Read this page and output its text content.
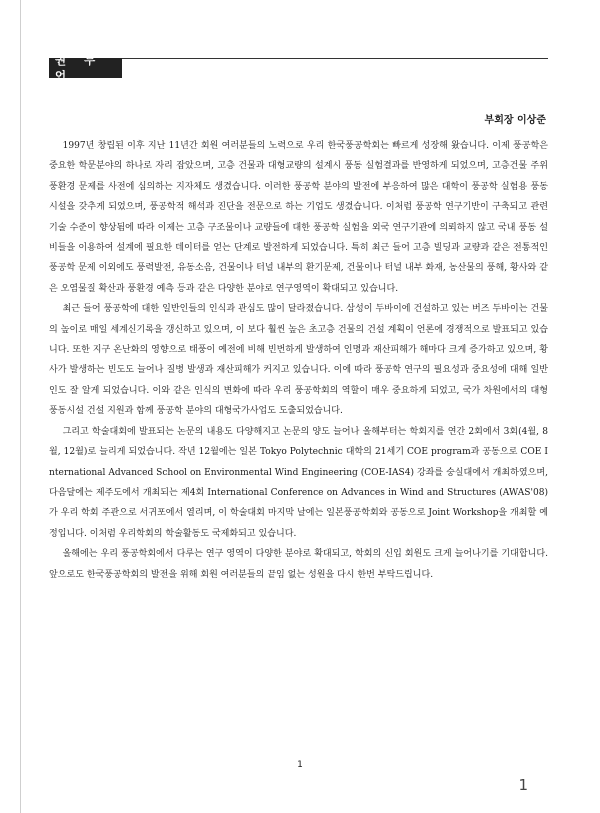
권 두 언
부회장 이상준

1997년 창립된 이후 지난 11년간 회원 여러분들의 노력으로 우리 한국풍공학회는 빠르게 성장해 왔습니다. 이제 풍공학은 중요한 학문분야의 하나로 자리 잡았으며, 고층 건물과 대형교량의 설계시 풍동 실험결과를 반영하게 되었으며, 고층건물 주위 풍환경 문제를 사전에 심의하는 지자체도 생겼습니다. 이러한 풍공학 분야의 발전에 부응하여 많은 대학이 풍공학 실험용 풍동시설을 갖추게 되었으며, 풍공학적 해석과 진단을 전문으로 하는 기업도 생겼습니다. 이처럼 풍공학 연구기반이 구축되고 관련 기술 수준이 향상됨에 따라 이제는 고층 구조물이나 교량들에 대한 풍공학 실험을 외국 연구기관에 의뢰하지 않고 국내 풍동 설비들을 이용하여 설계에 필요한 데이터를 얻는 단계로 발전하게 되었습니다. 특히 최근 들어 고층 빌딩과 교량과 같은 전통적인 풍공학 문제 이외에도 풍력발전, 유동소음, 건물이나 터널 내부의 환기문제, 건물이나 터널 내부 화재, 농산물의 풍해, 황사와 같은 오염물질 확산과 풍환경 예측 등과 같은 다양한 분야로 연구영역이 확대되고 있습니다.

최근 들어 풍공학에 대한 일반인들의 인식과 관심도 많이 달라졌습니다. 삼성이 두바이에 건설하고 있는 버즈 두바이는 건물의 높이로 매일 세계신기록을 갱신하고 있으며, 이 보다 훨씬 높은 초고층 건물의 건설 계획이 언론에 경쟁적으로 발표되고 있습니다. 또한 지구 온난화의 영향으로 태풍이 예전에 비해 빈번하게 발생하여 인명과 재산피해가 해마다 크게 증가하고 있으며, 황사가 발생하는 빈도도 늘어나 질병 발생과 재산피해가 커지고 있습니다. 이에 따라 풍공학 연구의 필요성과 중요성에 대해 일반인도 잘 알게 되었습니다. 이와 같은 인식의 변화에 따라 우리 풍공학회의 역할이 매우 중요하게 되었고, 국가 차원에서의 대형 풍동시설 건설 지원과 함께 풍공학 분야의 대형국가사업도 도출되었습니다.

그리고 학술대회에 발표되는 논문의 내용도 다양해지고 논문의 양도 늘어나 올해부터는 학회지를 연간 2회에서 3회(4월, 8월, 12월)로 늘리게 되었습니다. 작년 12월에는 일본 Tokyo Polytechnic 대학의 21세기 COE program과 공동으로 COE International Advanced School on Environmental Wind Engineering (COE-IAS4) 강좌를 숭실대에서 개최하였으며, 다음달에는 제주도에서 개최되는 제4회 International Conference on Advances in Wind and Structures (AWAS'08)가 우리 학회 주관으로 서귀포에서 열리며, 이 학술대회 마지막 날에는 일본풍공학회와 공동으로 Joint Workshop을 개최할 예정입니다. 이처럼 우리학회의 학술활동도 국제화되고 있습니다.

올해에는 우리 풍공학회에서 다루는 연구 영역이 다양한 분야로 확대되고, 학회의 신입 회원도 크게 늘어나기를 기대합니다. 앞으로도 한국풍공학회의 발전을 위해 회원 여러분들의 끝임 없는 성원을 다시 한번 부탁드립니다.

1
1
